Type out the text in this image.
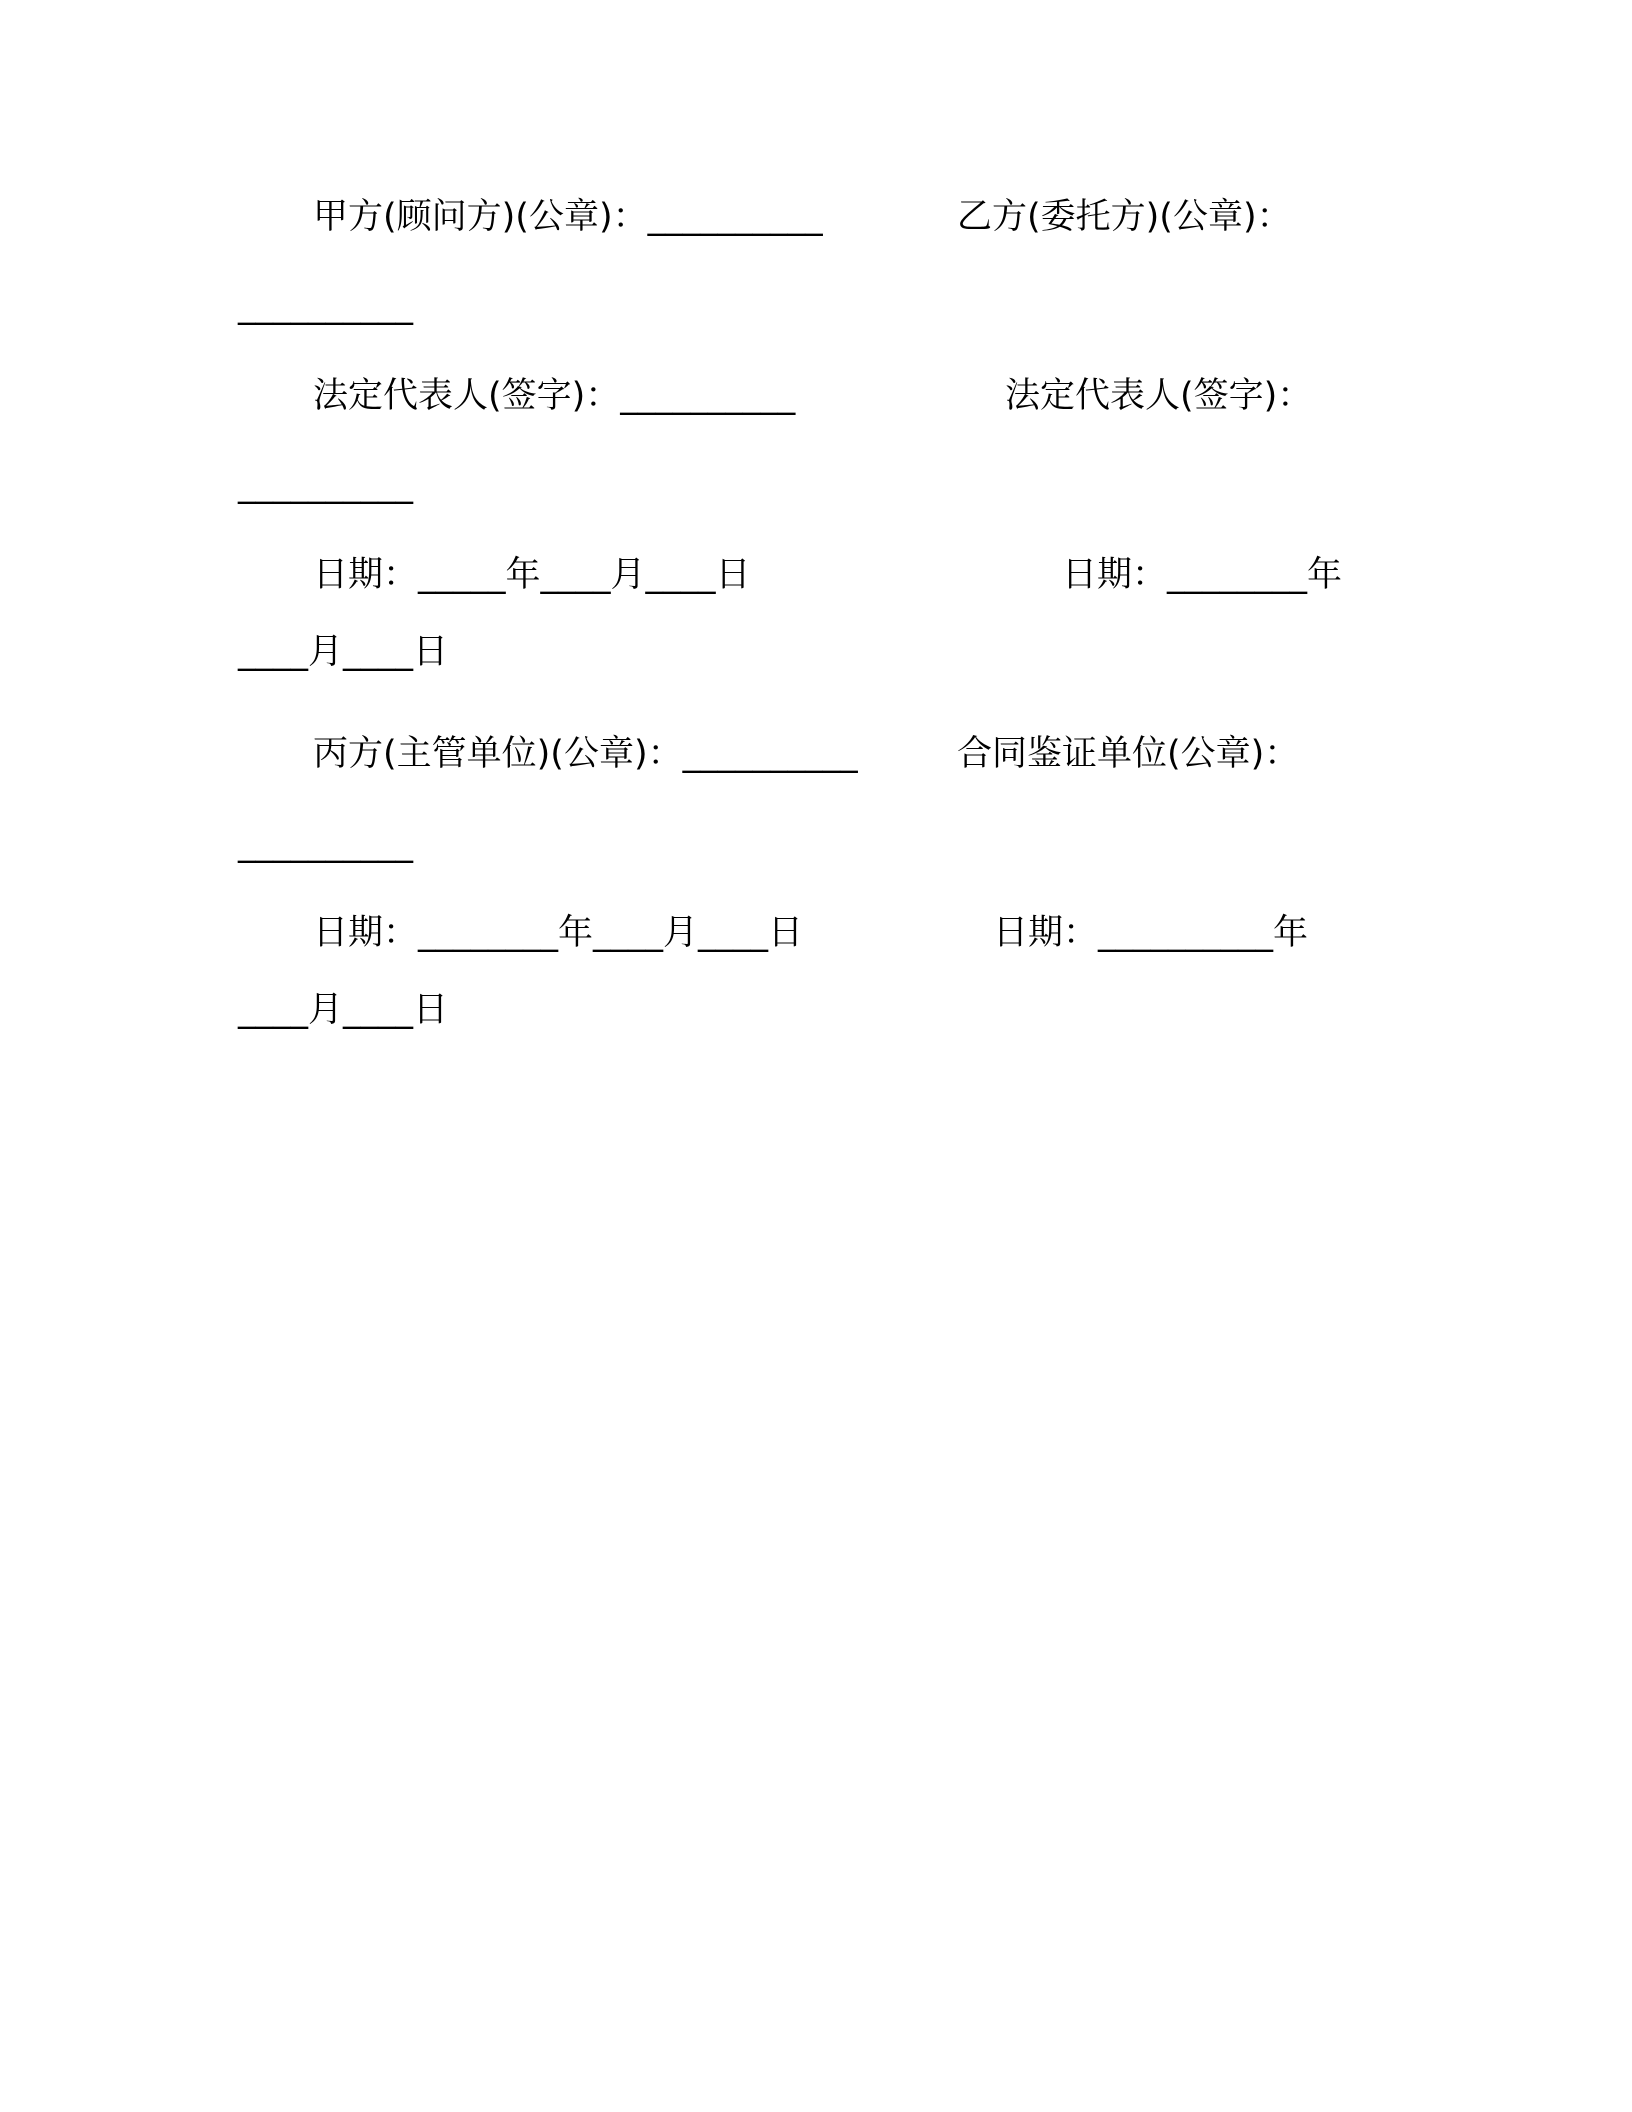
甲方(顾问方)(公章)：__________	乙方(委托方)(公章)：
__________
法定代表人(签字)：__________	法定代表人(签字)：
__________
日期：_____年____月____日	日期：________年
____月____日
丙方(主管单位)(公章)：__________	合同鉴证单位(公章)：
__________
日期：________年____月____日	日期：__________年
____月____日
